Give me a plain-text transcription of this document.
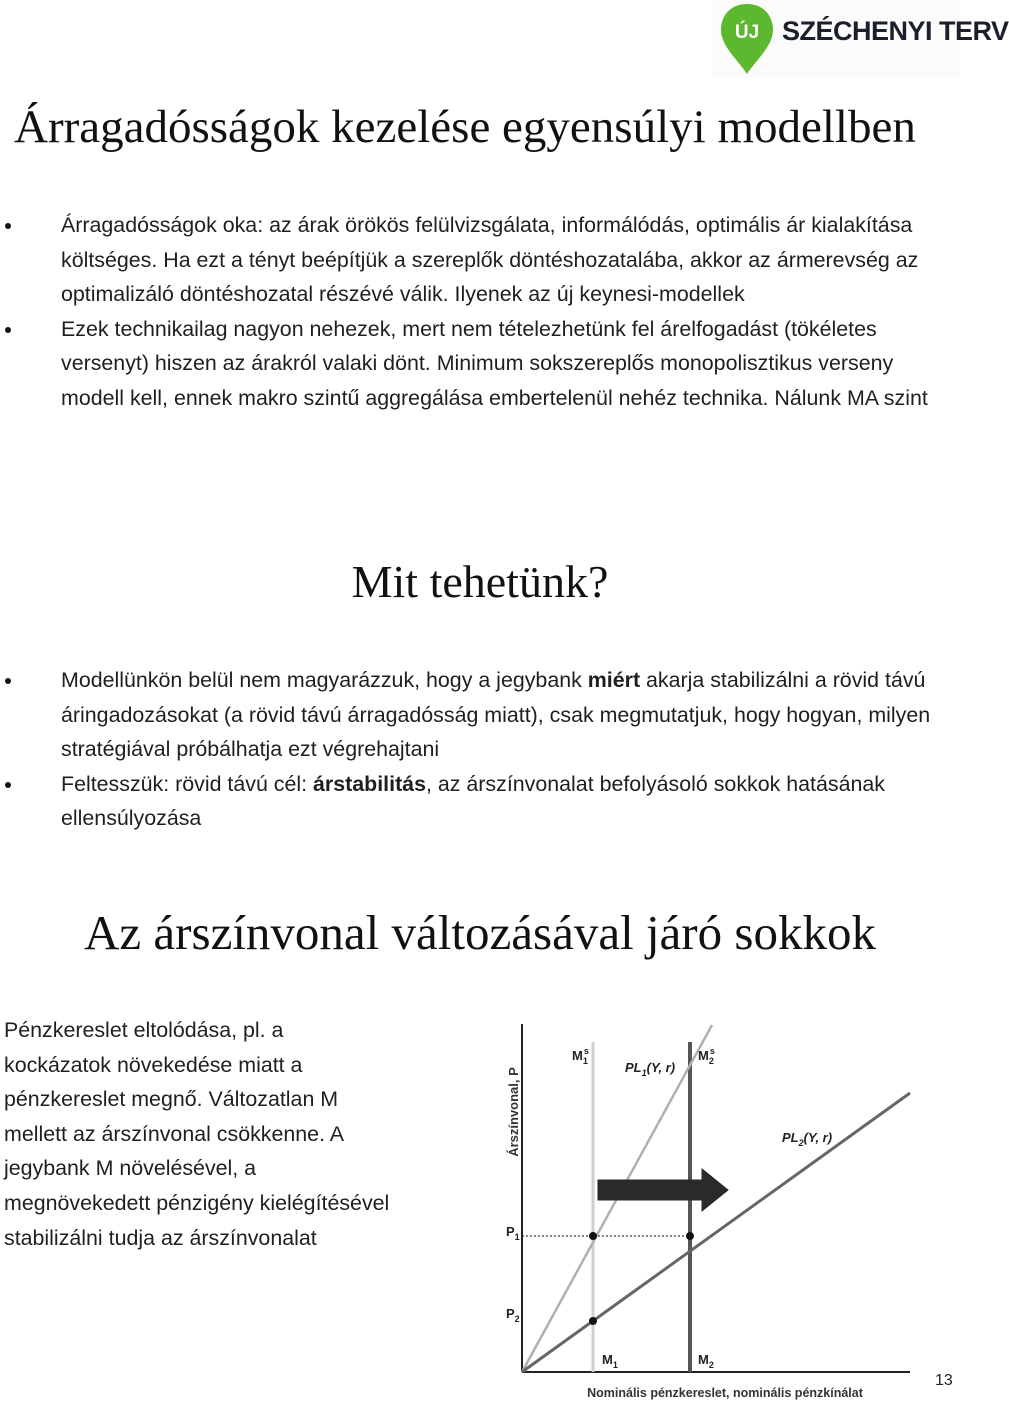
ÚJ SZÉCHENYI TERV
Árragadósságok kezelése egyensúlyi modellben
Árragadósságok oka: az árak örökös felülvizsgálata, informálódás, optimális ár kialakítása költséges. Ha ezt a tényt beépítjük a szereplők döntéshozatalába, akkor az ármerevség az optimalizáló döntéshozatal részévé válik. Ilyenek az új keynesi-modellek
Ezek technikailag nagyon nehezek, mert nem tételezhetünk fel árelfogadást (tökéletes versenyt) hiszen az árakról valaki dönt. Minimum sokszereplős monopolisztikus verseny modell kell, ennek makro szintű aggregálása embertelenül nehéz technika. Nálunk MA szint
Mit tehetünk?
Modellünkön belül nem magyarázzuk, hogy a jegybank miért akarja stabilizálni a rövid távú áringadozásokat (a rövid távú árragadósság miatt), csak megmutatjuk, hogy hogyan, milyen stratégiával próbálhatja ezt végrehajtani
Feltesszük: rövid távú cél: árstabilitás, az árszínvonalat befolyásoló sokkok hatásának ellensúlyozása
Az árszínvonal változásával járó sokkok
Pénzkereslet eltolódása, pl. a kockázatok növekedése miatt a pénzkereslet megnő. Változatlan M mellett az árszínvonal csökkenne. A jegybank M növelésével, a megnövekedett pénzigény kielégítésével stabilizálni tudja az árszínvonalat
Árszínvonal, P
Nominális pénzkereslet, nominális pénzkínálat
$M^s$ 1	$M^s$ 2
$PL_1(Y$, r)
$PL_2(Y$, r)
$P_1$
$P_2$
$M_1$	$M_2$
13
